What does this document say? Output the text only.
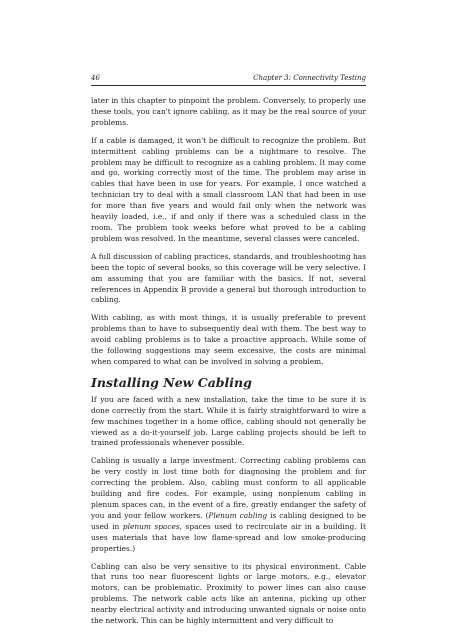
46	Chapter 3: Connectivity Testing

later in this chapter to pinpoint the problem. Conversely, to properly use these tools, you can't ignore cabling, as it may be the real source of your problems.

If a cable is damaged, it won't be difficult to recognize the problem. But intermittent cabling problems can be a nightmare to resolve. The problem may be difficult to recognize as a cabling problem. It may come and go, working correctly most of the time. The problem may arise in cables that have been in use for years. For example, I once watched a technician try to deal with a small classroom LAN that had been in use for more than five years and would fail only when the network was heavily loaded, i.e., if and only if there was a scheduled class in the room. The problem took weeks before what proved to be a cabling problem was resolved. In the meantime, several classes were canceled.

A full discussion of cabling practices, standards, and troubleshooting has been the topic of several books, so this coverage will be very selective. I am assuming that you are familiar with the basics. If not, several references in Appendix B provide a general but thorough introduction to cabling.

With cabling, as with most things, it is usually preferable to prevent problems than to have to subsequently deal with them. The best way to avoid cabling problems is to take a proactive approach. While some of the following suggestions may seem excessive, the costs are minimal when compared to what can be involved in solving a problem.

Installing New Cabling

If you are faced with a new installation, take the time to be sure it is done correctly from the start. While it is fairly straightforward to wire a few machines together in a home office, cabling should not generally be viewed as a do-it-yourself job. Large cabling projects should be left to trained professionals whenever possible.

Cabling is usually a large investment. Correcting cabling problems can be very costly in lost time both for diagnosing the problem and for correcting the problem. Also, cabling must conform to all applicable building and fire codes. For example, using nonplenum cabling in plenum spaces can, in the event of a fire, greatly endanger the safety of you and your fellow workers. (Plenum cabling is cabling designed to be used in plenum spaces, spaces used to recirculate air in a building. It uses materials that have low flame-spread and low smoke-producing properties.)

Cabling can also be very sensitive to its physical environment. Cable that runs too near fluorescent lights or large motors, e.g., elevator motors, can be problematic. Proximity to power lines can also cause problems. The network cable acts like an antenna, picking up other nearby electrical activity and introducing unwanted signals or noise onto the network. This can be highly intermittent and very difficult to
